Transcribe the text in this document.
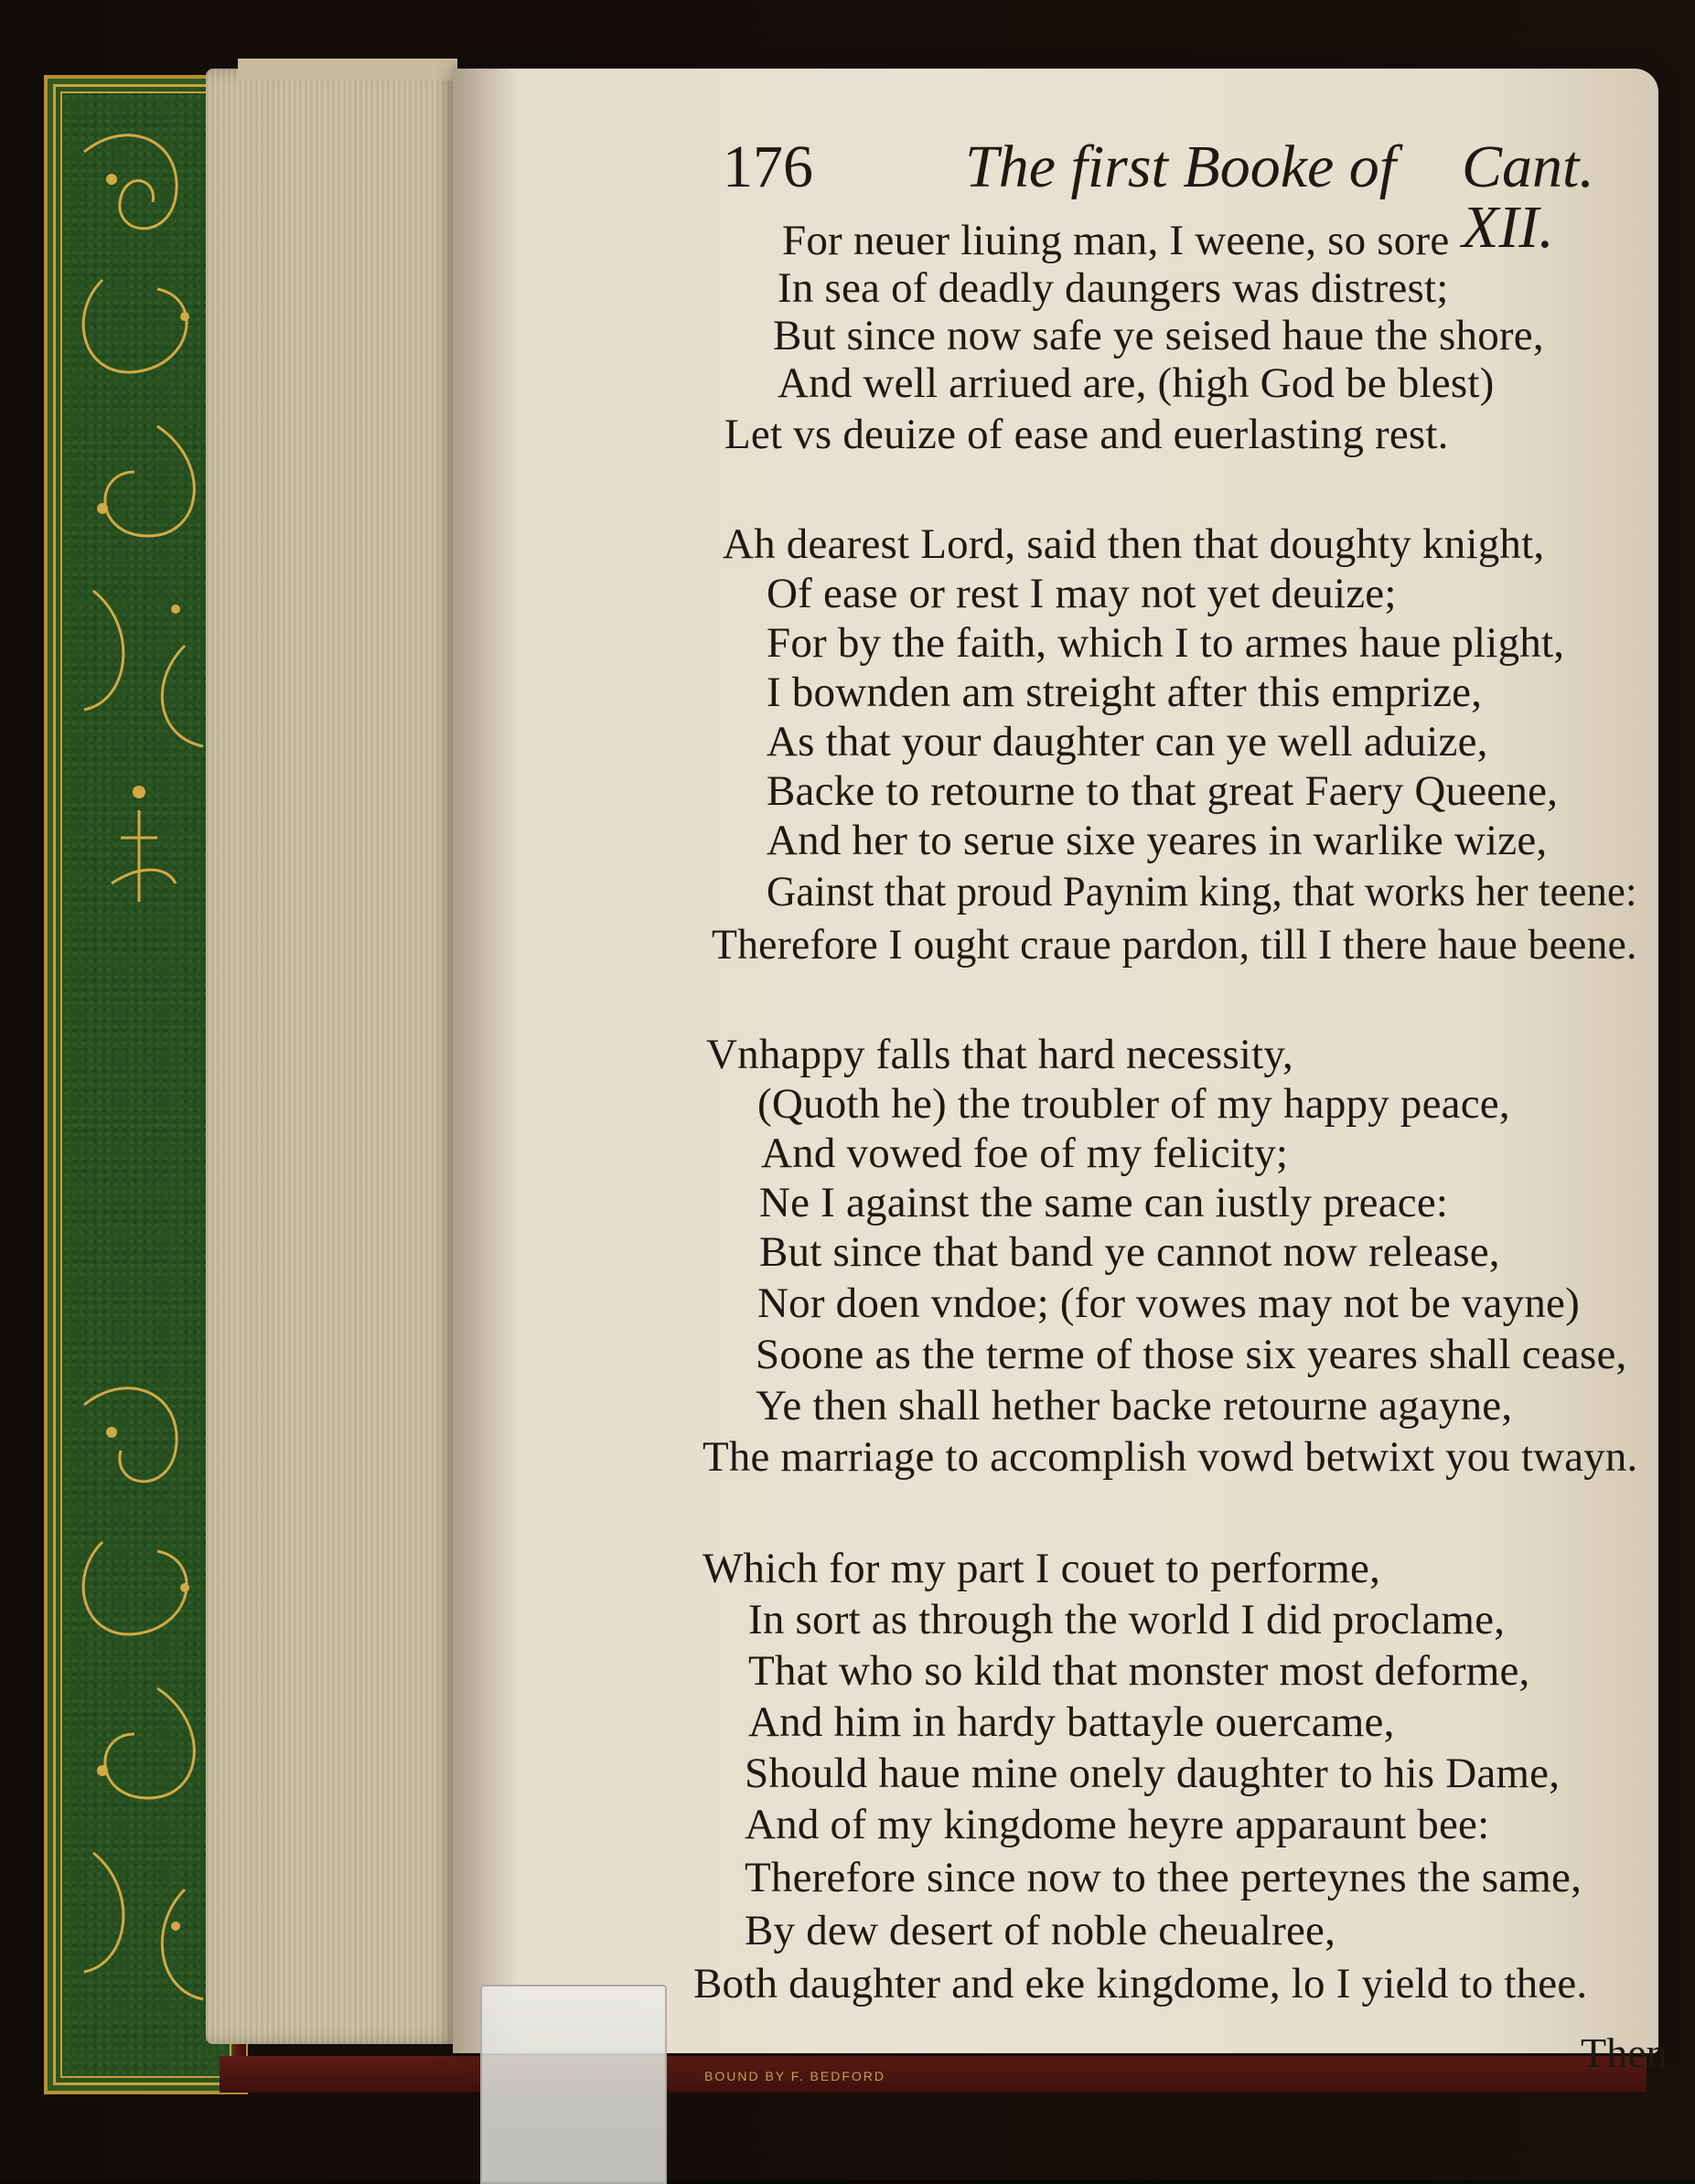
BOUND BY F. BEDFORD
176	The first Booke of Cant. XII.
For neuer liuing man, I weene, so sore
In sea of deadly daungers was distrest;
But since now safe ye seised haue the shore,
And well arriued are, (high God be blest)
Let vs deuize of ease and euerlasting rest.
Ah dearest Lord, said then that doughty knight,
Of ease or rest I may not yet deuize;
For by the faith, which I to armes haue plight,
I bownden am streight after this emprize,
As that your daughter can ye well aduize,
Backe to retourne to that great Faery Queene,
And her to serue sixe yeares in warlike wize,
Gainst that proud Paynim king, that works her teene:
Therefore I ought craue pardon, till I there haue beene.
Vnhappy falls that hard necessity,
(Quoth he) the troubler of my happy peace,
And vowed foe of my felicity;
Ne I against the same can iustly preace:
But since that band ye cannot now release,
Nor doen vndoe; (for vowes may not be vayne)
Soone as the terme of those six yeares shall cease,
Ye then shall hether backe retourne agayne,
The marriage to accomplish vowd betwixt you twayn.
Which for my part I couet to performe,
In sort as through the world I did proclame,
That who so kild that monster most deforme,
And him in hardy battayle ouercame,
Should haue mine onely daughter to his Dame,
And of my kingdome heyre apparaunt bee:
Therefore since now to thee perteynes the same,
By dew desert of noble cheualree,
Both daughter and eke kingdome, lo I yield to thee.
Then
